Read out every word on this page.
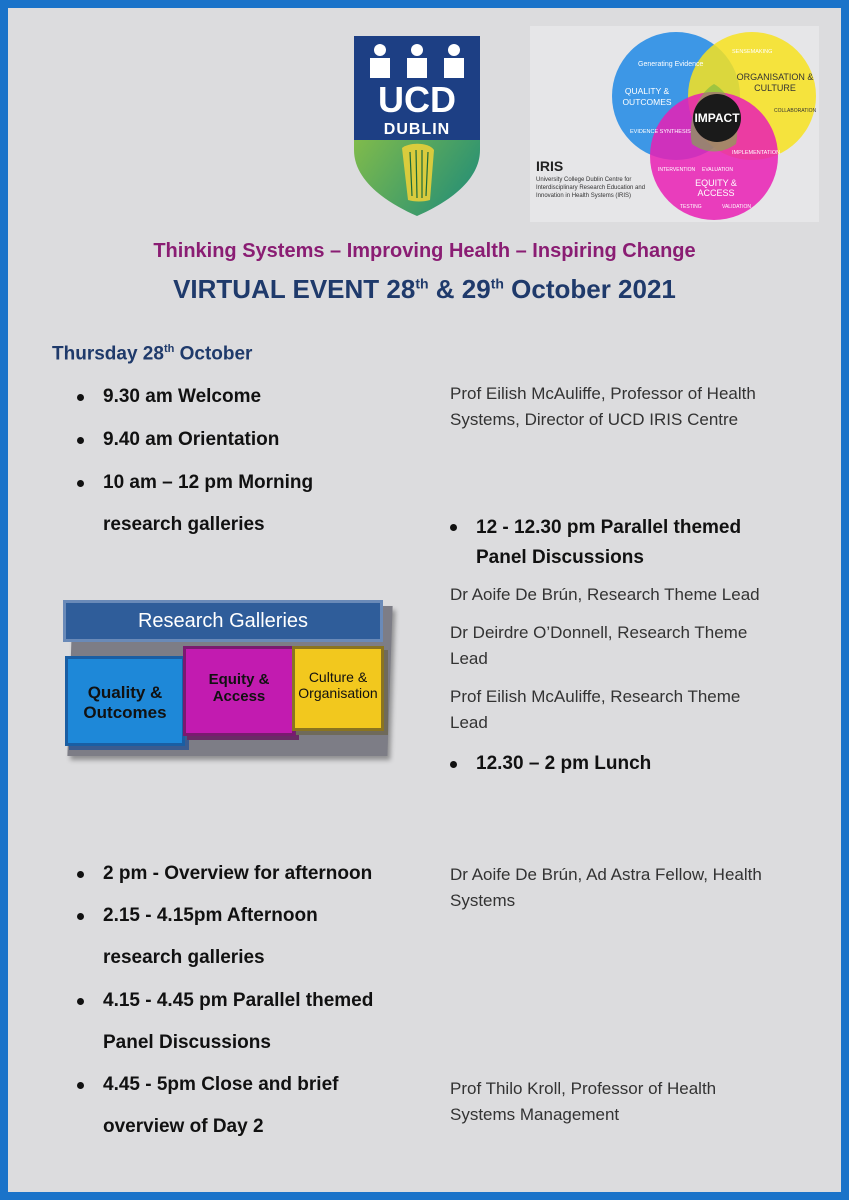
UCD
DUBLIN
IMPACT
Generating Evidence
SENSEMAKING
COLLABORATION
EVIDENCE SYNTHESIS
IMPLEMENTATION
INTERVENTION EVALUATION
TESTING	VALIDATION
QUALITY & OUTCOMES
ORGANISATION & CULTURE
EQUITY & ACCESS
IRIS
University College Dublin Centre for
Interdisciplinary Research Education and
Innovation in Health Systems (IRIS)
Thinking Systems – Improving Health – Inspiring Change
VIRTUAL EVENT 28th & 29th October 2021
Thursday 28th October
9.30 am Welcome
9.40 am Orientation
10 am – 12 pm Morning
research galleries
2 pm - Overview for afternoon
2.15 - 4.15pm Afternoon
research galleries
4.15 - 4.45 pm Parallel themed
Panel Discussions
4.45 - 5pm Close and brief
overview of Day 2
Prof Eilish McAuliffe, Professor of Health
Systems, Director of UCD IRIS Centre
12 - 12.30 pm Parallel themed
Panel Discussions
Dr Aoife De Brún, Research Theme Lead
Dr Deirdre O’Donnell, Research Theme
Lead
Prof Eilish McAuliffe, Research Theme
Lead
12.30 – 2 pm Lunch
Dr Aoife De Brún, Ad Astra Fellow, Health
Systems
Prof Thilo Kroll, Professor of Health
Systems Management
Research Galleries
Quality &
Outcomes
Equity &
Access
Culture &
Organisation
